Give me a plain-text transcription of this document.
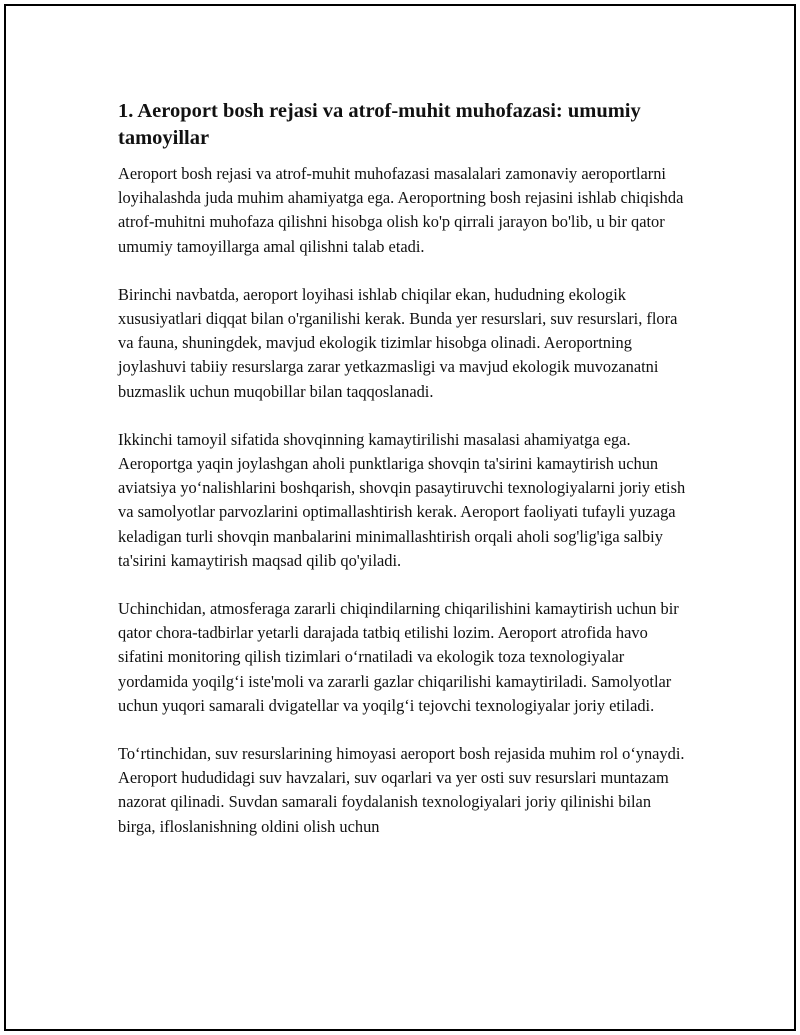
1. Aeroport bosh rejasi va atrof-muhit muhofazasi: umumiy tamoyillar

Aeroport bosh rejasi va atrof-muhit muhofazasi masalalari zamonaviy aeroportlarni loyihalashda juda muhim ahamiyatga ega. Aeroportning bosh rejasini ishlab chiqishda atrof-muhitni muhofaza qilishni hisobga olish ko'p qirrali jarayon bo'lib, u bir qator umumiy tamoyillarga amal qilishni talab etadi.

Birinchi navbatda, aeroport loyihasi ishlab chiqilar ekan, hududning ekologik xususiyatlari diqqat bilan o'rganilishi kerak. Bunda yer resurslari, suv resurslari, flora va fauna, shuningdek, mavjud ekologik tizimlar hisobga olinadi. Aeroportning joylashuvi tabiiy resurslarga zarar yetkazmasligi va mavjud ekologik muvozanatni buzmaslik uchun muqobillar bilan taqqoslanadi.

Ikkinchi tamoyil sifatida shovqinning kamaytirilishi masalasi ahamiyatga ega. Aeroportga yaqin joylashgan aholi punktlariga shovqin ta'sirini kamaytirish uchun aviatsiya yo‘nalishlarini boshqarish, shovqin pasaytiruvchi texnologiyalarni joriy etish va samolyotlar parvozlarini optimallashtirish kerak. Aeroport faoliyati tufayli yuzaga keladigan turli shovqin manbalarini minimallashtirish orqali aholi sog'lig'iga salbiy ta'sirini kamaytirish maqsad qilib qo'yiladi.

Uchinchidan, atmosferaga zararli chiqindilarning chiqarilishini kamaytirish uchun bir qator chora-tadbirlar yetarli darajada tatbiq etilishi lozim. Aeroport atrofida havo sifatini monitoring qilish tizimlari o‘rnatiladi va ekologik toza texnologiyalar yordamida yoqilg‘i iste'moli va zararli gazlar chiqarilishi kamaytiriladi. Samolyotlar uchun yuqori samarali dvigatellar va yoqilg‘i tejovchi texnologiyalar joriy etiladi.

To‘rtinchidan, suv resurslarining himoyasi aeroport bosh rejasida muhim rol o‘ynaydi. Aeroport hududidagi suv havzalari, suv oqarlari va yer osti suv resurslari muntazam nazorat qilinadi. Suvdan samarali foydalanish texnologiyalari joriy qilinishi bilan birga, ifloslanishning oldini olish uchun
